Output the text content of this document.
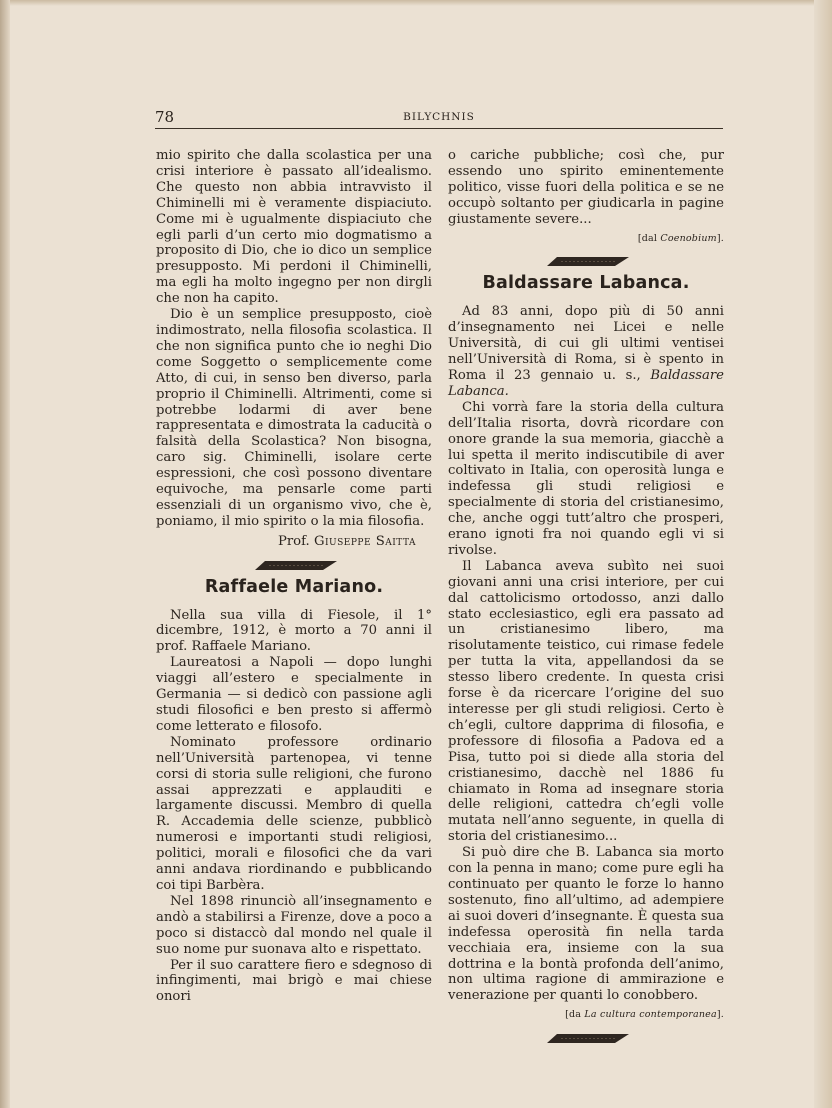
78	BILYCHNIS

mio spirito che dalla scolastica per una crisi interiore è passato all’idealismo. Che questo non abbia intravvisto il Chiminelli mi è veramente dispiaciuto. Come mi è ugualmente dispiaciuto che egli parli d’un certo mio dogmatismo a proposito di Dio, che io dico un semplice presupposto. Mi perdoni il Chiminelli, ma egli ha molto ingegno per non dirgli che non ha capito.

Dio è un semplice presupposto, cioè indimostrato, nella filosofia scolastica. Il che non significa punto che io neghi Dio come Soggetto o semplicemente come Atto, di cui, in senso ben diverso, parla proprio il Chiminelli. Altrimenti, come si potrebbe lodarmi di aver bene rappresentata e dimostrata la caducità o falsità della Scolastica? Non bisogna, caro sig. Chiminelli, isolare certe espressioni, che così possono diventare equivoche, ma pensarle come parti essenziali di un organismo vivo, che è, poniamo, il mio spirito o la mia filosofia.

Prof. Giuseppe Saitta
Raffaele Mariano.

Nella sua villa di Fiesole, il 1° dicembre, 1912, è morto a 70 anni il prof. Raffaele Mariano.

Laureatosi a Napoli — dopo lunghi viaggi all’estero e specialmente in Germania — si dedicò con passione agli studi filosofici e ben presto si affermò come letterato e filosofo.

Nominato professore ordinario nell’Università partenopea, vi tenne corsi di storia sulle religioni, che furono assai apprezzati e applauditi e largamente discussi. Membro di quella R. Accademia delle scienze, pubblicò numerosi e importanti studi religiosi, politici, morali e filosofici che da vari anni andava riordinando e pubblicando coi tipi Barbèra.

Nel 1898 rinunciò all’insegnamento e andò a stabilirsi a Firenze, dove a poco a poco si distaccò dal mondo nel quale il suo nome pur suonava alto e rispettato.

Per il suo carattere fiero e sdegnoso di infingimenti, mai brigò e mai chiese onori

o cariche pubbliche; così che, pur essendo uno spirito eminentemente politico, visse fuori della politica e se ne occupò soltanto per giudicarla in pagine giustamente severe...

[dal Coenobium].
Baldassare Labanca.

Ad 83 anni, dopo più di 50 anni d’insegnamento nei Licei e nelle Università, di cui gli ultimi ventisei nell’Università di Roma, si è spento in Roma il 23 gennaio u. s., Baldassare Labanca.

Chi vorrà fare la storia della cultura dell’Italia risorta, dovrà ricordare con onore grande la sua memoria, giacchè a lui spetta il merito indiscutibile di aver coltivato in Italia, con operosità lunga e indefessa gli studi religiosi e specialmente di storia del cristianesimo, che, anche oggi tutt’altro che prosperi, erano ignoti fra noi quando egli vi si rivolse.

Il Labanca aveva subìto nei suoi giovani anni una crisi interiore, per cui dal cattolicismo ortodosso, anzi dallo stato ecclesiastico, egli era passato ad un cristianesimo libero, ma risolutamente teistico, cui rimase fedele per tutta la vita, appellandosi da se stesso libero credente. In questa crisi forse è da ricercare l’origine del suo interesse per gli studi religiosi. Certo è ch’egli, cultore dapprima di filosofia, e professore di filosofia a Padova ed a Pisa, tutto poi si diede alla storia del cristianesimo, dacchè nel 1886 fu chiamato in Roma ad insegnare storia delle religioni, cattedra ch’egli volle mutata nell’anno seguente, in quella di storia del cristianesimo...

Si può dire che B. Labanca sia morto con la penna in mano; come pure egli ha continuato per quanto le forze lo hanno sostenuto, fino all’ultimo, ad adempiere ai suoi doveri d’insegnante. È questa sua indefessa operosità fin nella tarda vecchiaia era, insieme con la sua dottrina e la bontà profonda dell’animo, non ultima ragione di ammirazione e venerazione per quanti lo conobbero.

[da La cultura contemporanea].
